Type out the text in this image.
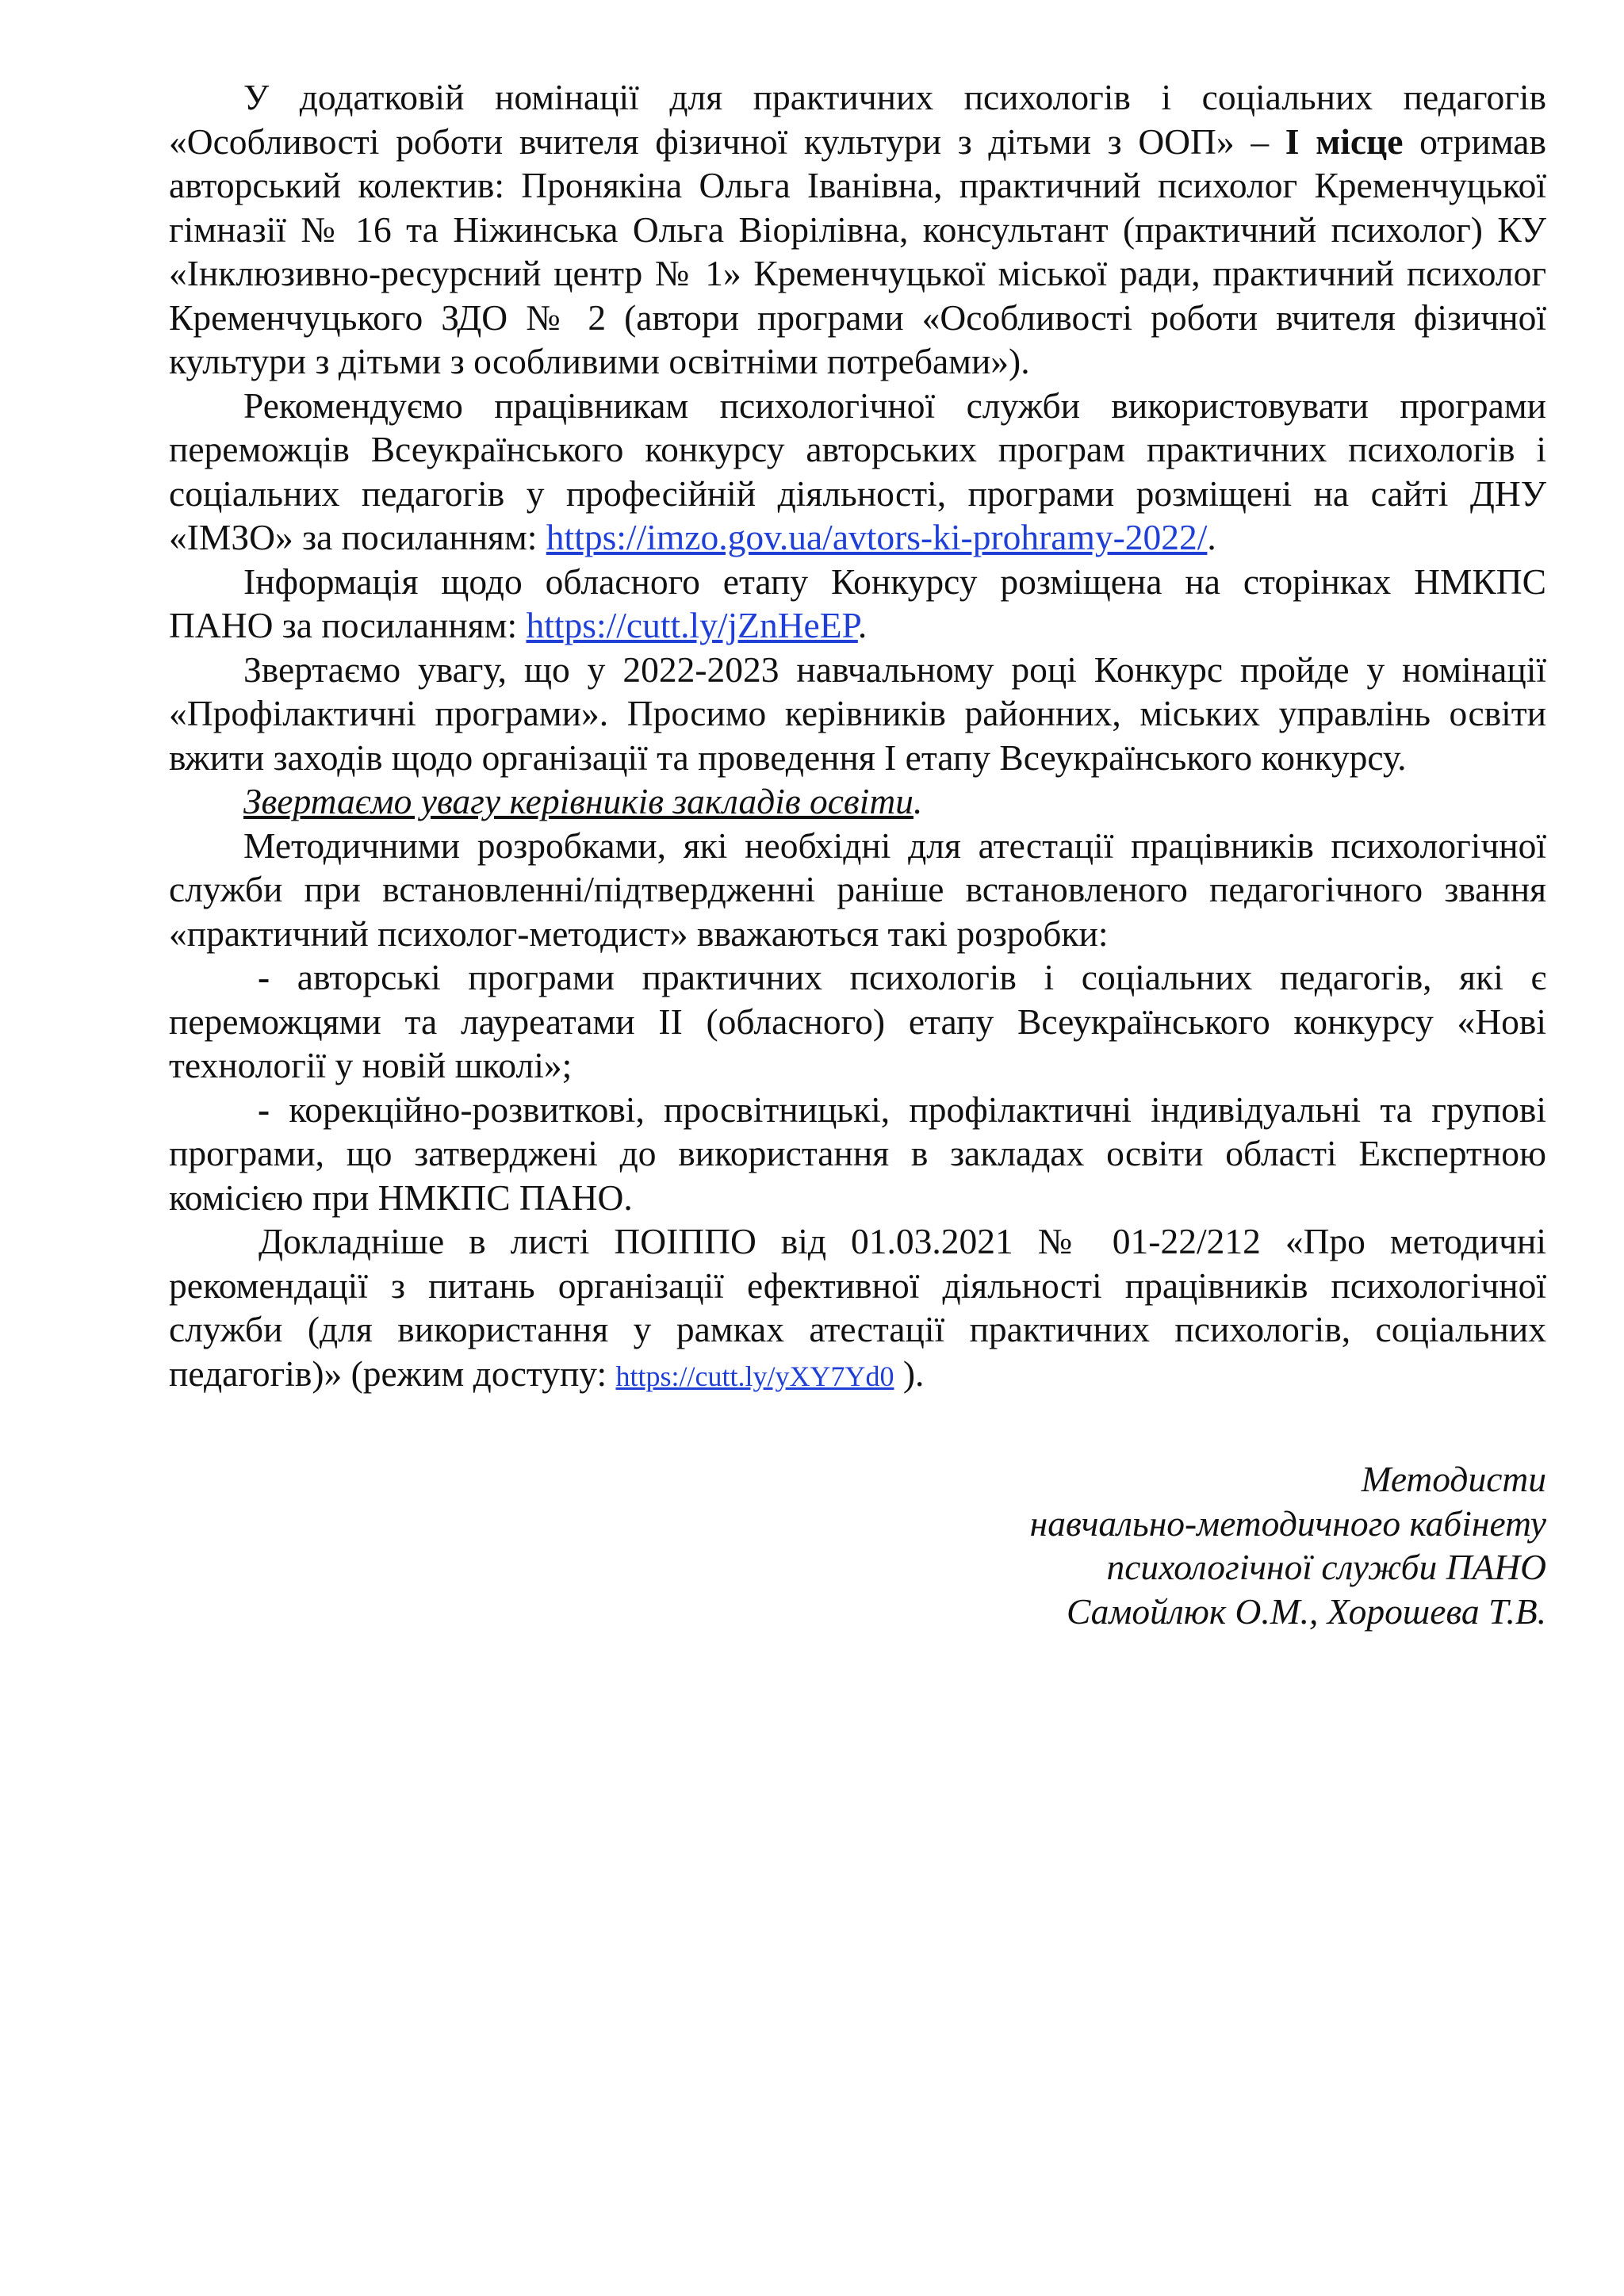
У додатковій номінації для практичних психологів і соціальних педагогів «Особливості роботи вчителя фізичної культури з дітьми з ООП» – І місце отримав авторський колектив: Пронякіна Ольга Іванівна, практичний психолог Кременчуцької гімназії № 16 та Ніжинська Ольга Віорілівна, консультант (практичний психолог) КУ «Інклюзивно-ресурсний центр № 1» Кременчуцької міської ради, практичний психолог Кременчуцького ЗДО № 2 (автори програми «Особливості роботи вчителя фізичної культури з дітьми з особливими освітніми потребами»).

Рекомендуємо працівникам психологічної служби використовувати програми переможців Всеукраїнського конкурсу авторських програм практичних психологів і соціальних педагогів у професійній діяльності, програми розміщені на сайті ДНУ «ІМЗО» за посиланням: https://imzo.gov.ua/avtors-ki-prohramy-2022/.

Інформація щодо обласного етапу Конкурсу розміщена на сторінках НМКПС ПАНО за посиланням: https://cutt.ly/jZnHeEP.

Звертаємо увагу, що у 2022-2023 навчальному році Конкурс пройде у номінації «Профілактичні програми». Просимо керівників районних, міських управлінь освіти вжити заходів щодо організації та проведення І етапу Всеукраїнського конкурсу.

Звертаємо увагу керівників закладів освіти.

Методичними розробками, які необхідні для атестації працівників психологічної служби при встановленні/підтвердженні раніше встановленого педагогічного звання «практичний психолог-методист» вважаються такі розробки:

- авторські програми практичних психологів і соціальних педагогів, які є переможцями та лауреатами ІІ (обласного) етапу Всеукраїнського конкурсу «Нові технології у новій школі»;

- корекційно-розвиткові, просвітницькі, профілактичні індивідуальні та групові програми, що затверджені до використання в закладах освіти області Експертною комісією при НМКПС ПАНО.

Докладніше в листі ПОІППО від 01.03.2021 № 01-22/212 «Про методичні рекомендації з питань організації ефективної діяльності працівників психологічної служби (для використання у рамках атестації практичних психологів, соціальних педагогів)» (режим доступу: https://cutt.ly/yXY7Yd0 ).

Методисти
навчально-методичного кабінету
психологічної служби ПАНО
Самойлюк О.М., Хорошева Т.В.
